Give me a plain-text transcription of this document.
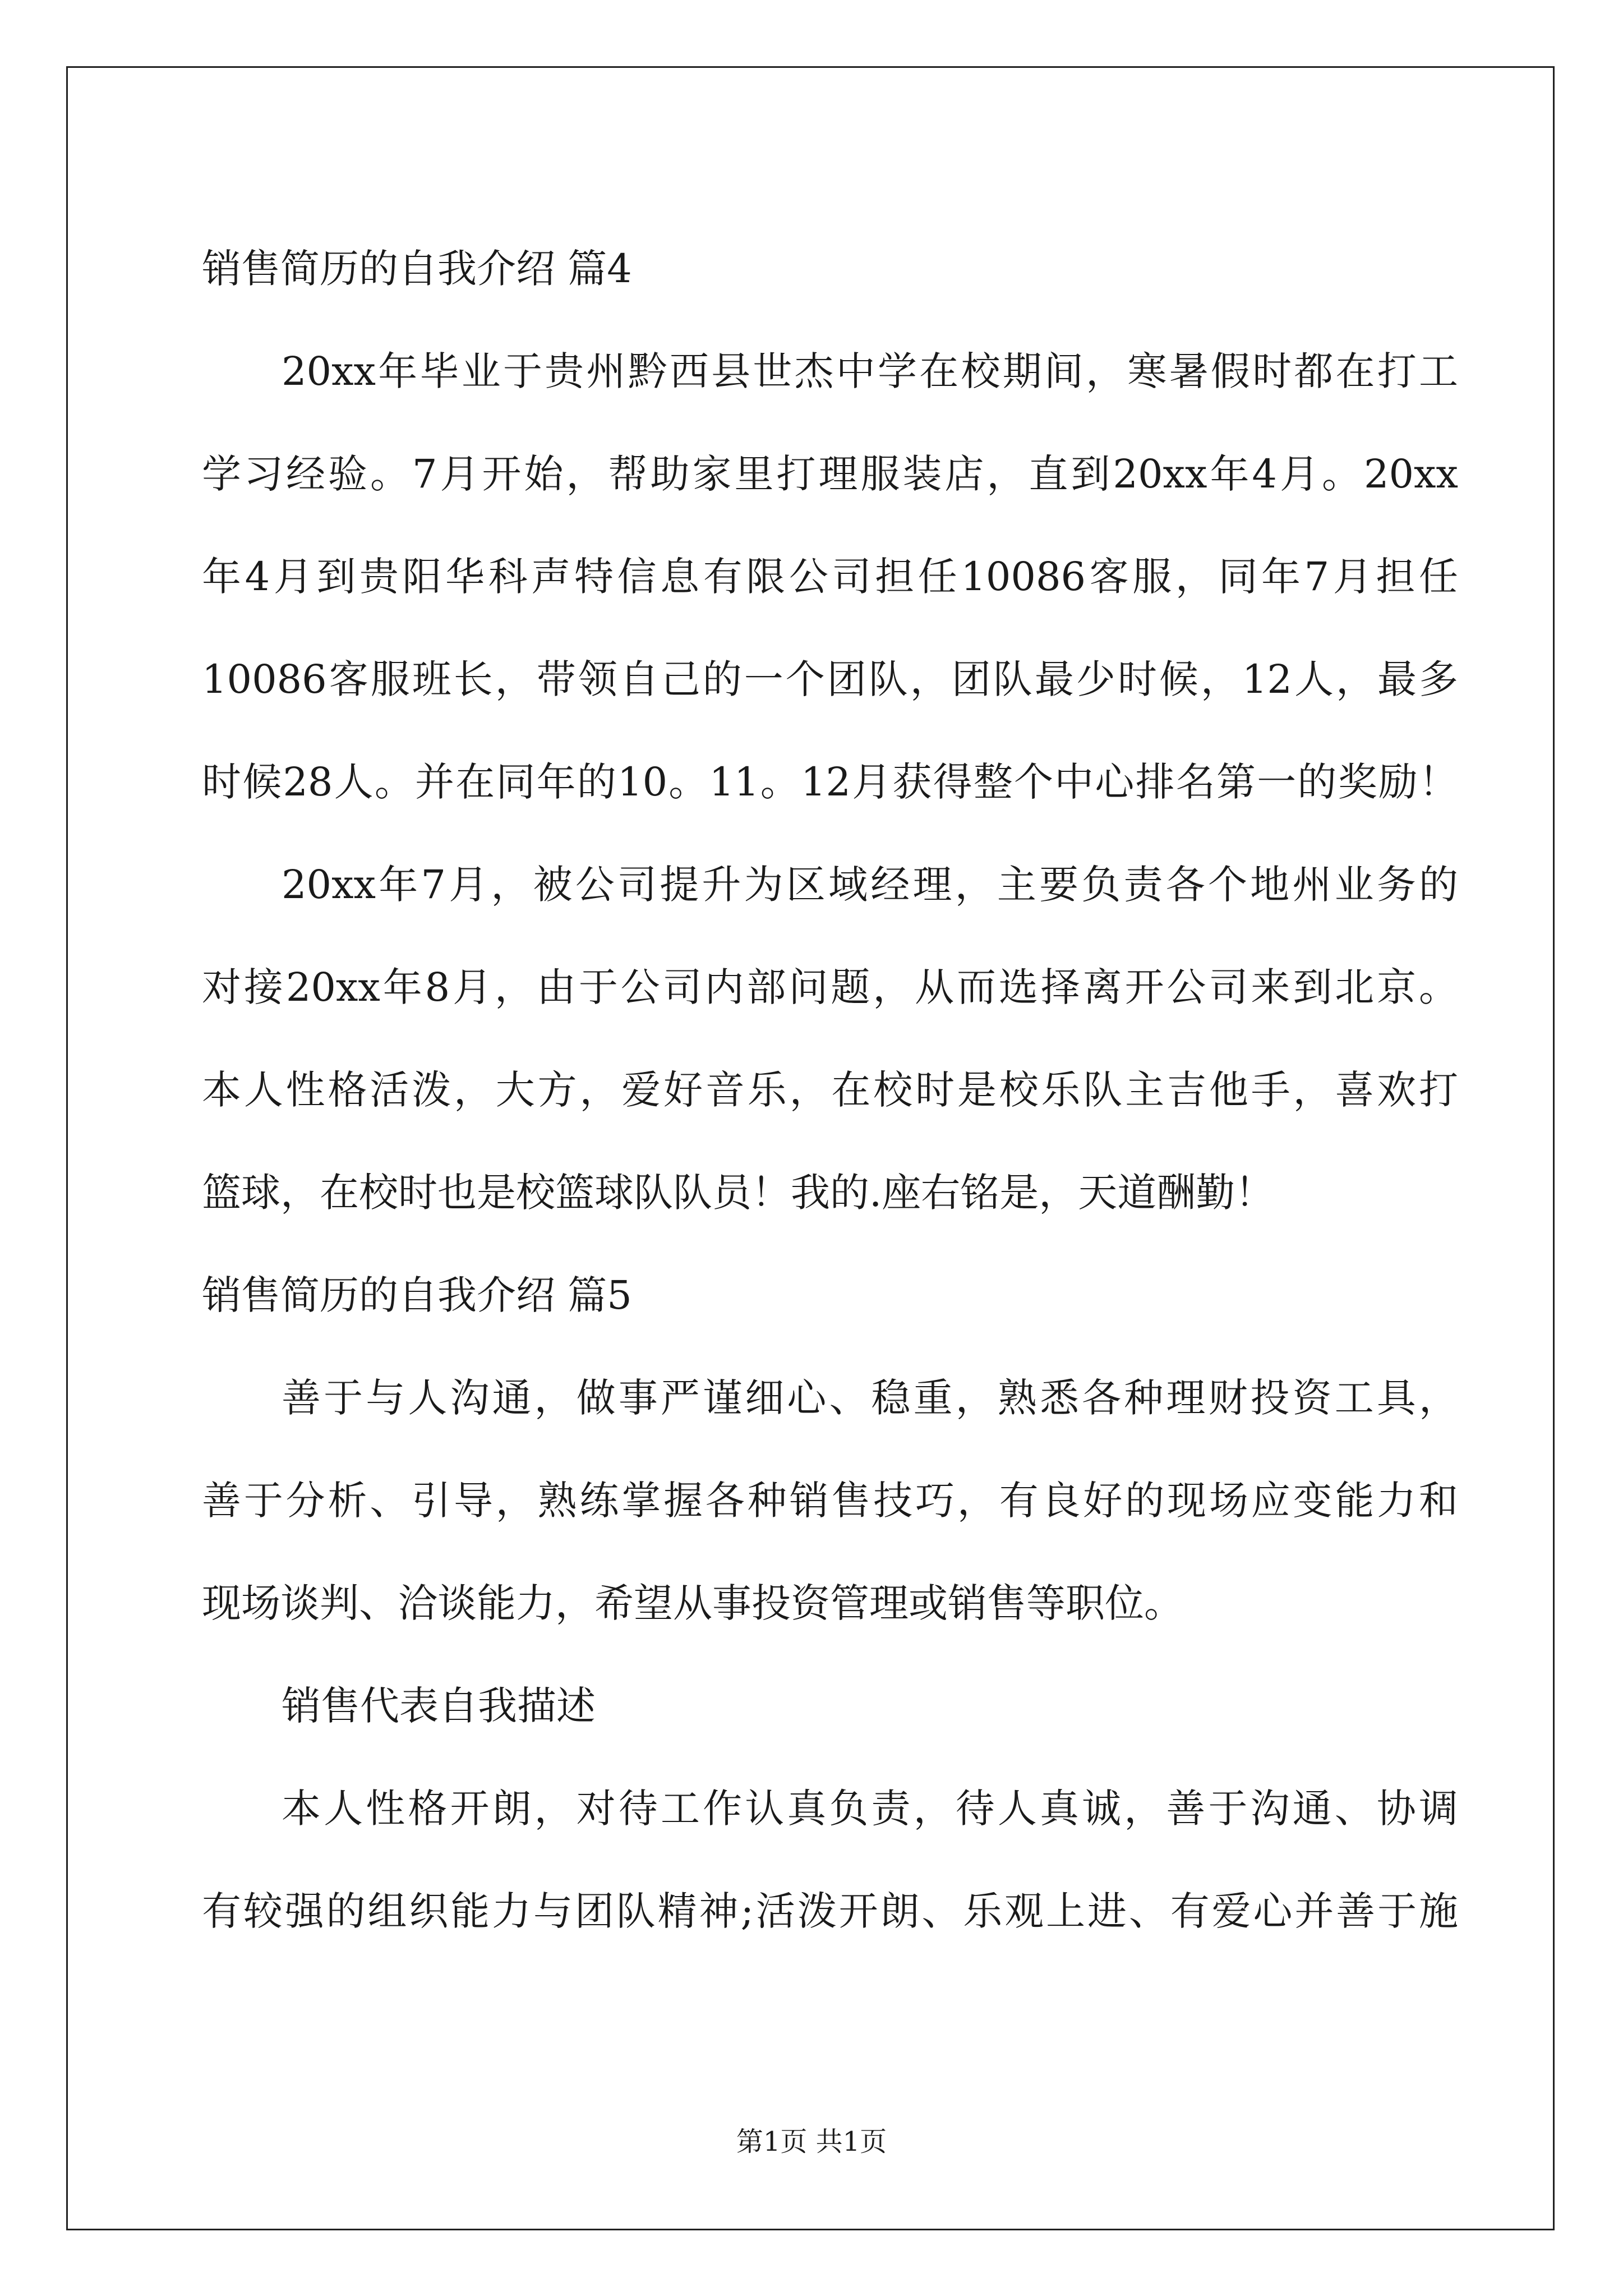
销售简历的自我介绍 篇4
20xx年毕业于贵州黔西县世杰中学在校期间，寒暑假时都在打工
学习经验。7月开始，帮助家里打理服装店，直到20xx年4月。20xx
年4月到贵阳华科声特信息有限公司担任10086客服，同年7月担任
10086客服班长，带领自己的一个团队，团队最少时候，12人，最多
时候28人。并在同年的10。11。12月获得整个中心排名第一的奖励！
20xx年7月，被公司提升为区域经理，主要负责各个地州业务的
对接20xx年8月，由于公司内部问题，从而选择离开公司来到北京。
本人性格活泼，大方，爱好音乐，在校时是校乐队主吉他手，喜欢打
篮球，在校时也是校篮球队队员！我的.座右铭是，天道酬勤！
销售简历的自我介绍 篇5
善于与人沟通，做事严谨细心、稳重，熟悉各种理财投资工具，
善于分析、引导，熟练掌握各种销售技巧，有良好的现场应变能力和
现场谈判、洽谈能力，希望从事投资管理或销售等职位。
销售代表自我描述
本人性格开朗，对待工作认真负责，待人真诚，善于沟通、协调
有较强的组织能力与团队精神;活泼开朗、乐观上进、有爱心并善于施
第1页 共1页
